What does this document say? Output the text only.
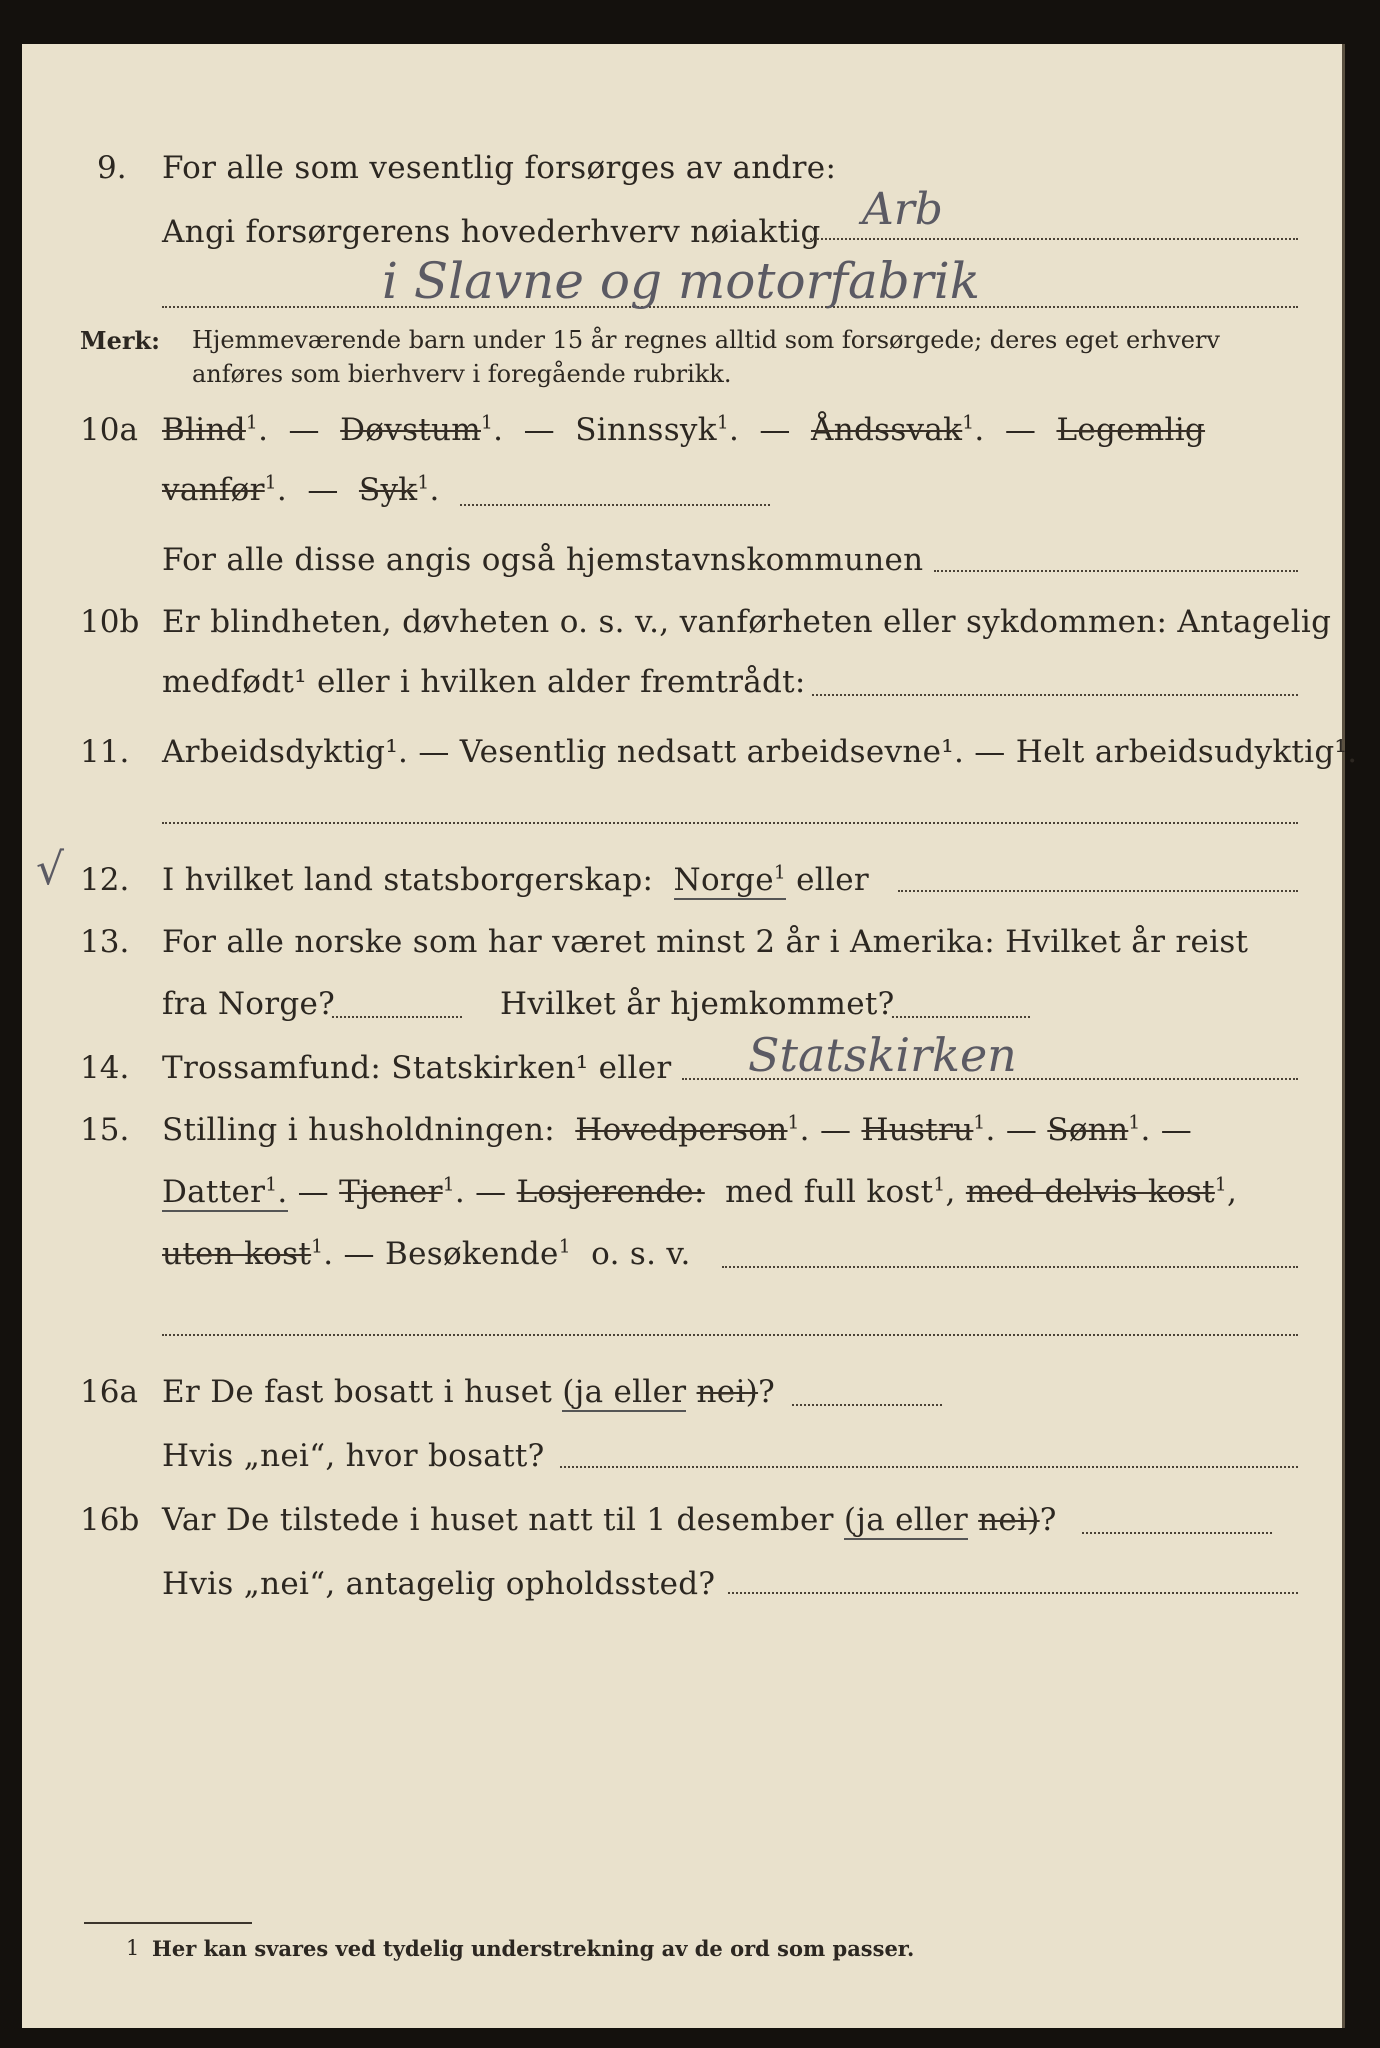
9. For alle som vesentlig forsørges av andre:
Angi forsørgerens hovederhverv nøiaktig Arb
i Slavne og motorfabrik
Merk: Hjemmeværende barn under 15 år regnes alltid som forsørgede; deres eget erhverv
anføres som bierhverv i foregående rubrikk.
10a Blind$^1$.  —  Døvstum$^1$.  —  Sinnssyk$^1$.  —  Åndssvak$^1$.  —  Legemlig
vanfør$^1$.  —  Syk$^1$.
For alle disse angis også hjemstavnskommunen
10b Er blindheten, døvheten o. s. v., vanførheten eller sykdommen: Antagelig
medfødt¹ eller i hvilken alder fremtrådt:
11. Arbeidsdyktig¹. — Vesentlig nedsatt arbeidsevne¹. — Helt arbeidsudyktig¹.
√ 12. I hvilket land statsborgerskap: Norge$^1$ eller
13. For alle norske som har været minst 2 år i Amerika: Hvilket år reist
fra Norge?	Hvilket år hjemkommet?
14. Trossamfund: Statskirken¹ eller Statskirken
15. Stilling i husholdningen: Hovedperson$^1$. — Hustru$^1$. — Sønn$^1$. —
Datter$^1$. — Tjener$^1$. — Losjerende: med full kost$^1$, med delvis kost$^1$,
uten kost$^1$. — Besøkende$^1$ o. s. v.
16a Er De fast bosatt i huset (ja eller nei)?
Hvis „nei“, hvor bosatt?
16b Var De tilstede i huset natt til 1 desember (ja eller nei)?
Hvis „nei“, antagelig opholdssted?
1 Her kan svares ved tydelig understrekning av de ord som passer.
